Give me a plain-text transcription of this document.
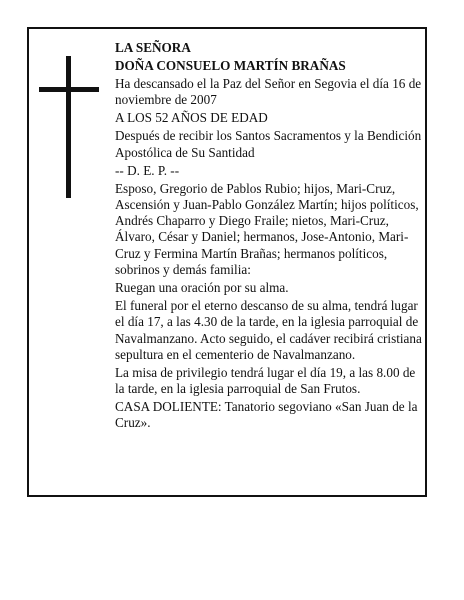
LA SEÑORA

DOÑA CONSUELO MARTÍN BRAÑAS

Ha descansado el la Paz del Señor en Segovia el día 16 de noviembre de 2007

A LOS 52 AÑOS DE EDAD

Después de recibir los Santos Sacramentos y la Bendición Apostólica de Su Santidad

-- D. E. P. --

Esposo, Gregorio de Pablos Rubio; hijos, Mari-Cruz, Ascensión y Juan-Pablo González Martín; hijos políticos, Andrés Chaparro y Diego Fraile; nietos, Mari-Cruz, Álvaro, César y Daniel; hermanos, Jose-Antonio, Mari-Cruz y Fermina Martín Brañas; hermanos políticos, sobrinos y demás familia:

Ruegan una oración por su alma.

El funeral por el eterno descanso de su alma, tendrá lugar el día 17, a las 4.30 de la tarde, en la iglesia parroquial de Navalmanzano. Acto seguido, el cadáver recibirá cristiana sepultura en el cementerio de Navalmanzano.

La misa de privilegio tendrá lugar el día 19, a las 8.00 de la tarde, en la iglesia parroquial de San Frutos.

CASA DOLIENTE: Tanatorio segoviano «San Juan de la Cruz».
